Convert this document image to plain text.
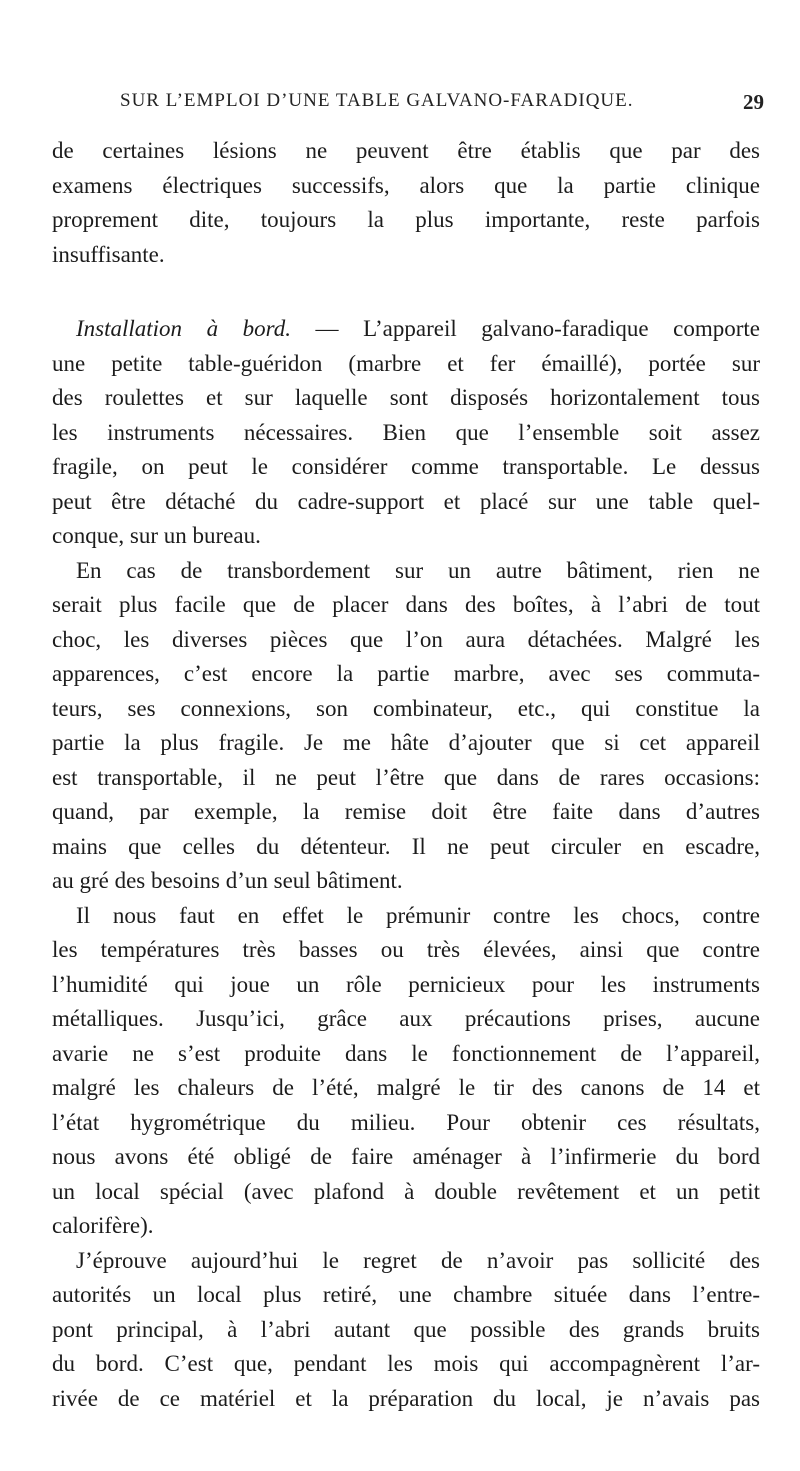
SUR L’EMPLOI D’UNE TABLE GALVANO-FARADIQUE.	29
de certaines lésions ne peuvent être établis que par des
examens électriques successifs, alors que la partie clinique
proprement dite, toujours la plus importante, reste parfois
insuffisante.
Installation à bord. — L’appareil galvano-faradique comporte
une petite table-guéridon (marbre et fer émaillé), portée sur
des roulettes et sur laquelle sont disposés horizontalement tous
les instruments nécessaires. Bien que l’ensemble soit assez
fragile, on peut le considérer comme transportable. Le dessus
peut être détaché du cadre-support et placé sur une table quel-
conque, sur un bureau.
En cas de transbordement sur un autre bâtiment, rien ne
serait plus facile que de placer dans des boîtes, à l’abri de tout
choc, les diverses pièces que l’on aura détachées. Malgré les
apparences, c’est encore la partie marbre, avec ses commuta-
teurs, ses connexions, son combinateur, etc., qui constitue la
partie la plus fragile. Je me hâte d’ajouter que si cet appareil
est transportable, il ne peut l’être que dans de rares occasions:
quand, par exemple, la remise doit être faite dans d’autres
mains que celles du détenteur. Il ne peut circuler en escadre,
au gré des besoins d’un seul bâtiment.
Il nous faut en effet le prémunir contre les chocs, contre
les températures très basses ou très élevées, ainsi que contre
l’humidité qui joue un rôle pernicieux pour les instruments
métalliques. Jusqu’ici, grâce aux précautions prises, aucune
avarie ne s’est produite dans le fonctionnement de l’appareil,
malgré les chaleurs de l’été, malgré le tir des canons de 14 et
l’état hygrométrique du milieu. Pour obtenir ces résultats,
nous avons été obligé de faire aménager à l’infirmerie du bord
un local spécial (avec plafond à double revêtement et un petit
calorifère).
J’éprouve aujourd’hui le regret de n’avoir pas sollicité des
autorités un local plus retiré, une chambre située dans l’entre-
pont principal, à l’abri autant que possible des grands bruits
du bord. C’est que, pendant les mois qui accompagnèrent l’ar-
rivée de ce matériel et la préparation du local, je n’avais pas
